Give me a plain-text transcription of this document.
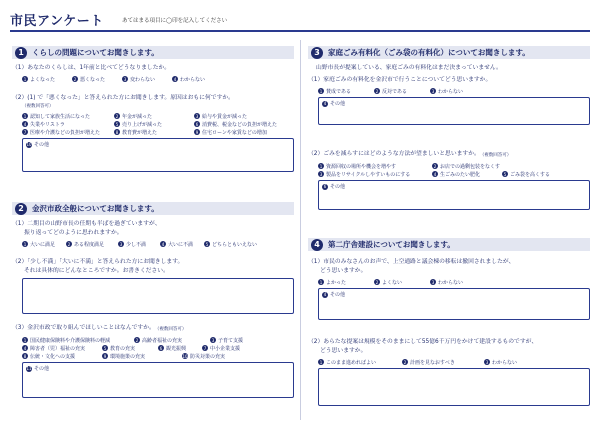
市民アンケート	あてはまる項目に◯印を記入してください
1	くらしの問題についてお聞きします。
（1）あなたのくらしは、1年前と比べてどうなりましたか。
1 よくなった	2 悪くなった	3 変わらない	4 わからない
（2）(1) で「悪くなった」と答えられた方にお聞きします。原因はおもに何ですか。
（複数回答可）
1 認知して家族生活になった	2 年金が減った	3 給与や賃金が減った
4 失業やリストラ	5 売り上げが減った	6 消費税、税金などの負担が増えた
7 医療や介護などの負担が増えた	8 教育費が増えた	9 住宅ローンや家賃などの増加
10 その他
2	金沢市政全般についてお聞きします。
（1）二期目の山野市長の任期も半ばを過ぎていますが、
振り返ってどのように思われますか。
1 大いに満足	2 ある程度満足	3 少し不満	4 大いに不満	5 どちらともいえない
（2）「少し不満」「大いに不満」と答えられた方にお聞きします。
それは具体的にどんなところですか。お書きください。
（3）金沢市政で取り組んでほしいことはなんですか。 （複数回答可）
1 国民健康保険料や介護保険料の軽減	2 高齢者福祉の充実	3 子育て支援
4 障害者（児）福祉の充実	5 教育の充実	6 観光振興	7 中小企業支援
8 伝統・文化への支援	9 環境施策の充実	10 防災対策の充実
11 その他
3	家庭ごみ有料化（ごみ袋の有料化）についてお聞きします。
山野市長が提案している、家庭ごみの有料化はまだ決まっていません。
（1）家庭ごみの有料化を金沢市で行うことについてどう思いますか。
1 賛成である	2 反対である	3 わからない
4 その他
（2）ごみを減らすにはどのような方法が望ましいと思いますか。 （複数回答可）
1 資源回収の場所や機会を増やす	2 お店での過剰包装をなくす
3 製品をリサイクルしやすいものにする	4 生ごみのたい肥化	5 ごみ袋を高くする
6 その他
4	第二庁舎建設についてお聞きします。
（1）市民のみなさんのお声で、上空通路と議会棟の移転は撤回されましたが、
どう思いますか。
1 よかった	2 よくない	3 わからない
4 その他
（2）あらたな提案は規模をそのままにして55億6千万円をかけて建設するものですが、
どう思いますか。
1 このまま進めればよい	2 計画を見なおすべき	3 わからない
